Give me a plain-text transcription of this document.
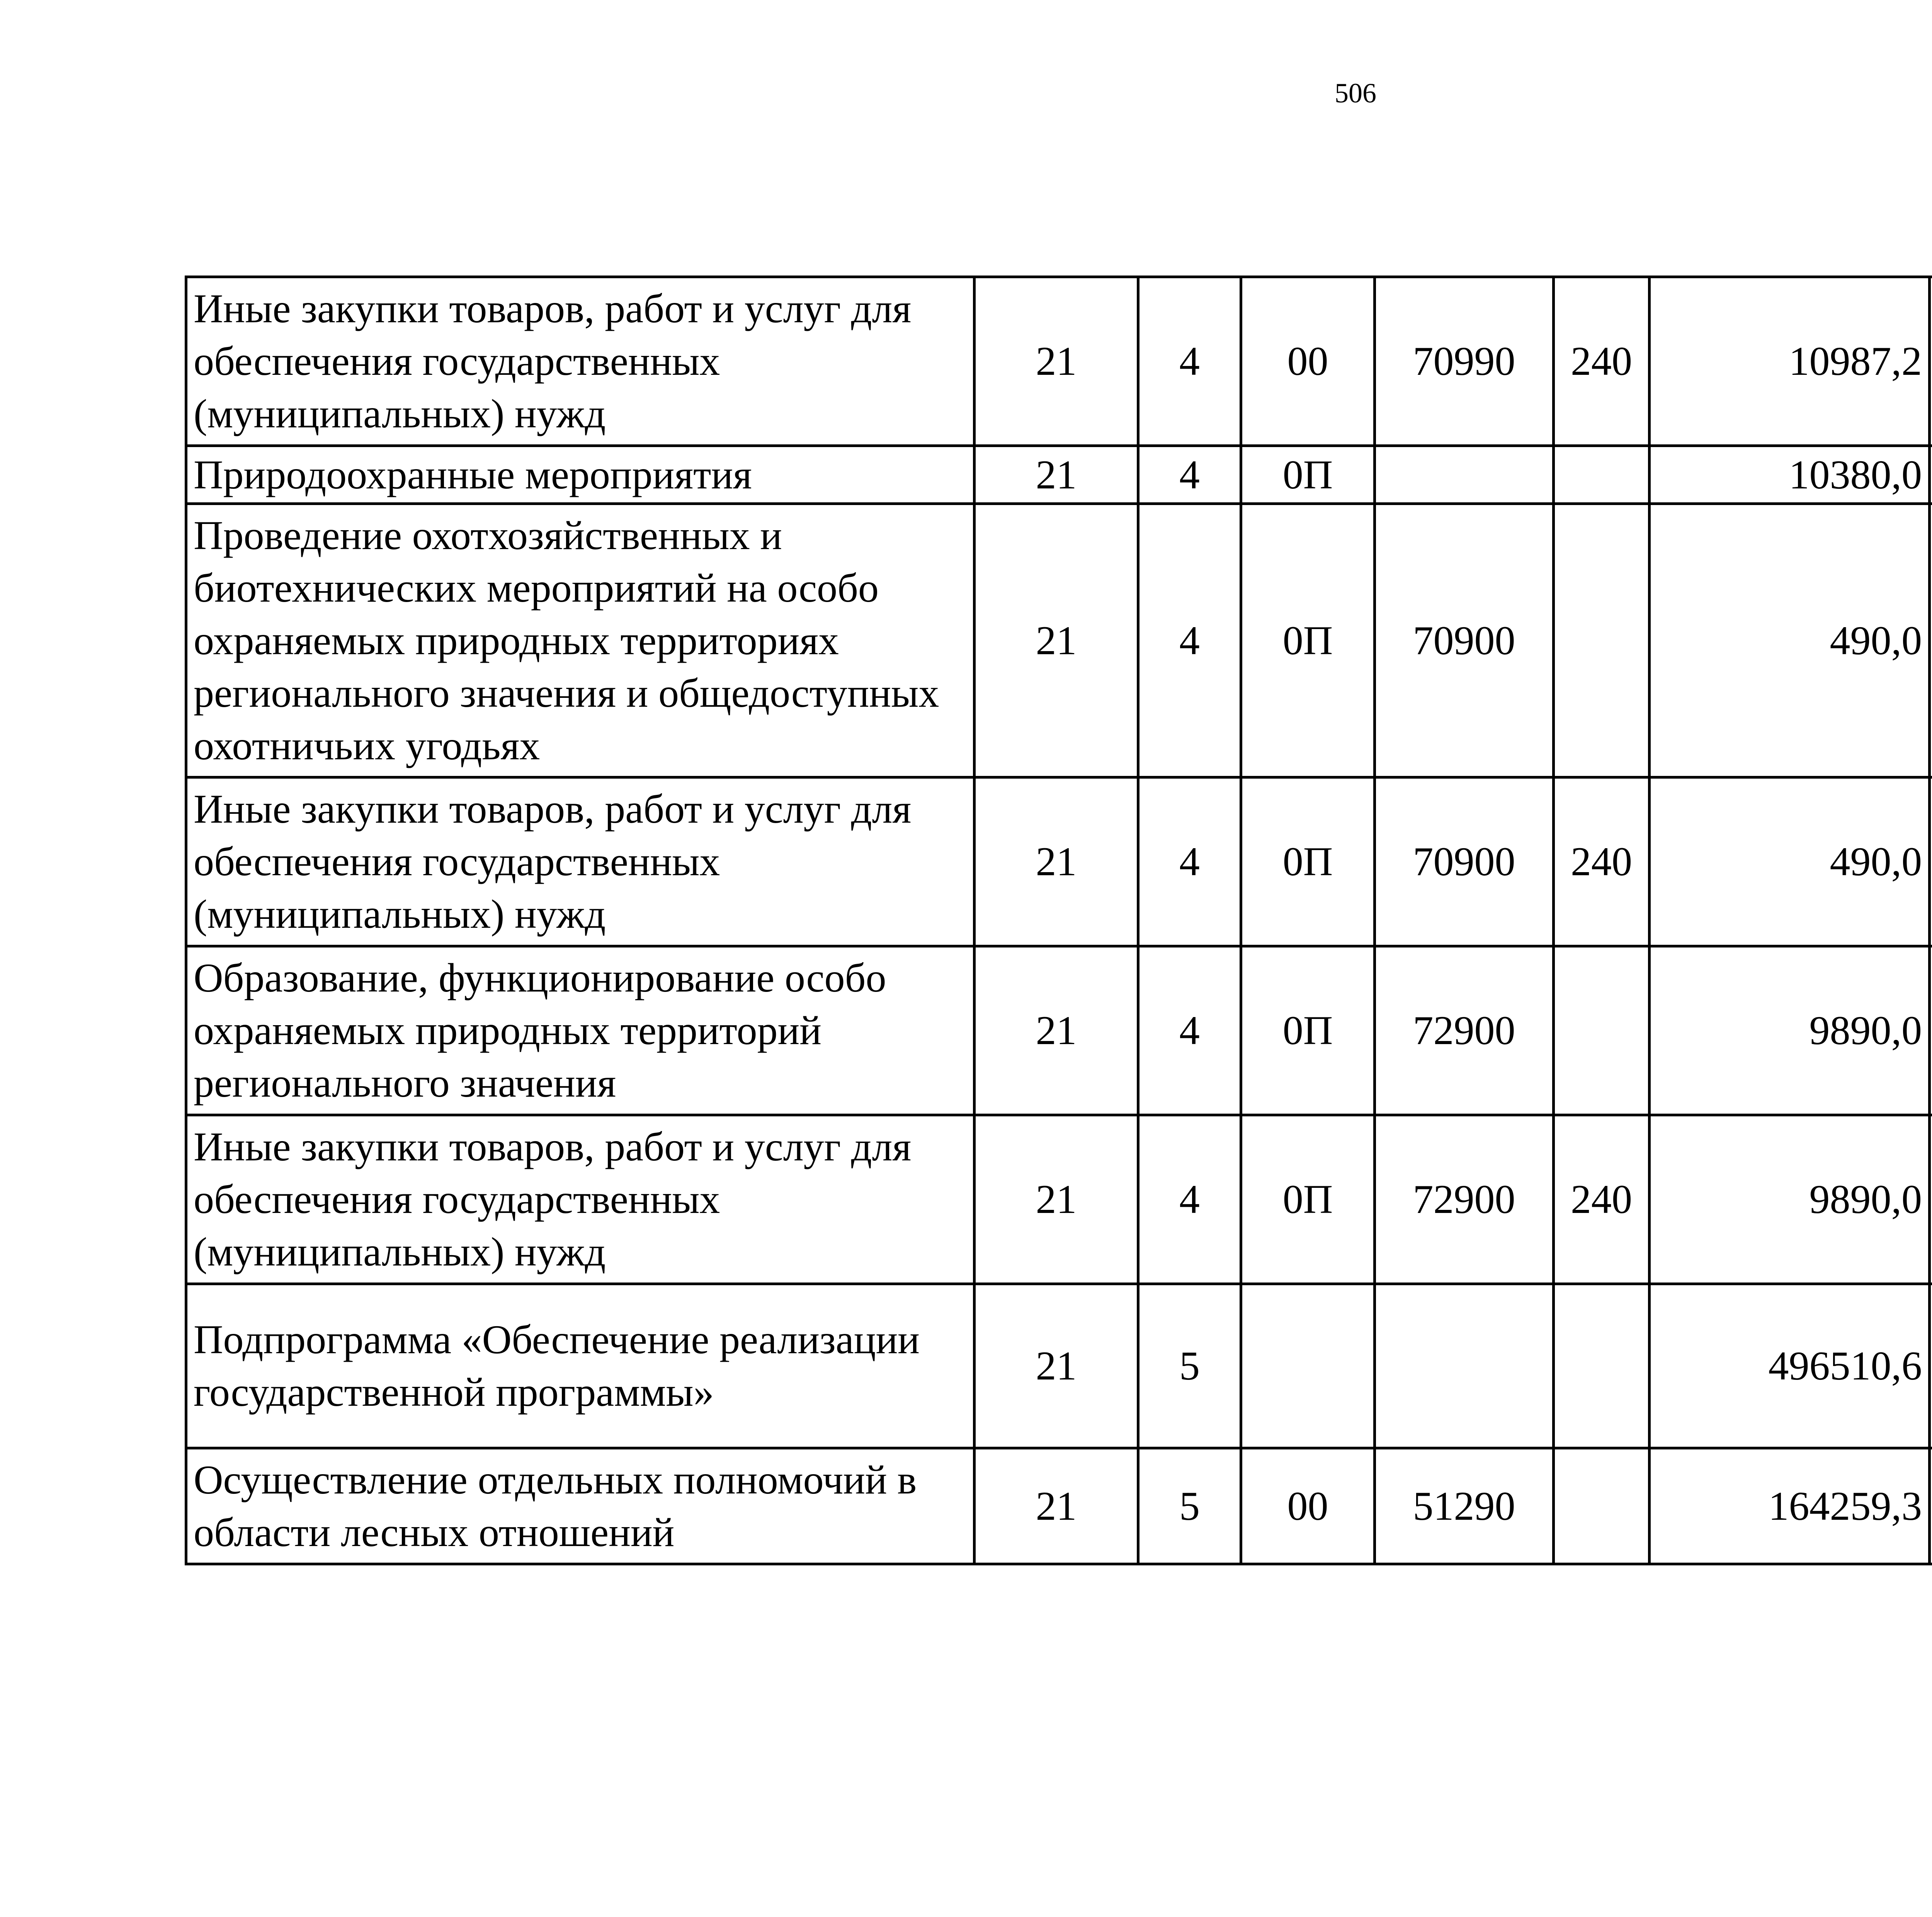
506
Иные закупки товаров, работ и услуг для обеспечения государственных (муниципальных) нужд	21	4	00	70990	240	10987,2		
Природоохранные мероприятия	21	4	0П			10380,0		
Проведение охотхозяйственных и биотехнических мероприятий на особо охраняемых природных территориях регионального значения и общедоступных охотничьих угодьях	21	4	0П	70900		490,0		
Иные закупки товаров, работ и услуг для обеспечения государственных (муниципальных) нужд	21	4	0П	70900	240	490,0		
Образование, функционирование особо охраняемых природных территорий регионального значения	21	4	0П	72900		9890,0		
Иные закупки товаров, работ и услуг для обеспечения государственных (муниципальных) нужд	21	4	0П	72900	240	9890,0		
Подпрограмма «Обеспечение реализации государственной программы»	21	5				496510,6		
Осуществление отдельных полномочий в области лесных отношений	21	5	00	51290		164259,3		
